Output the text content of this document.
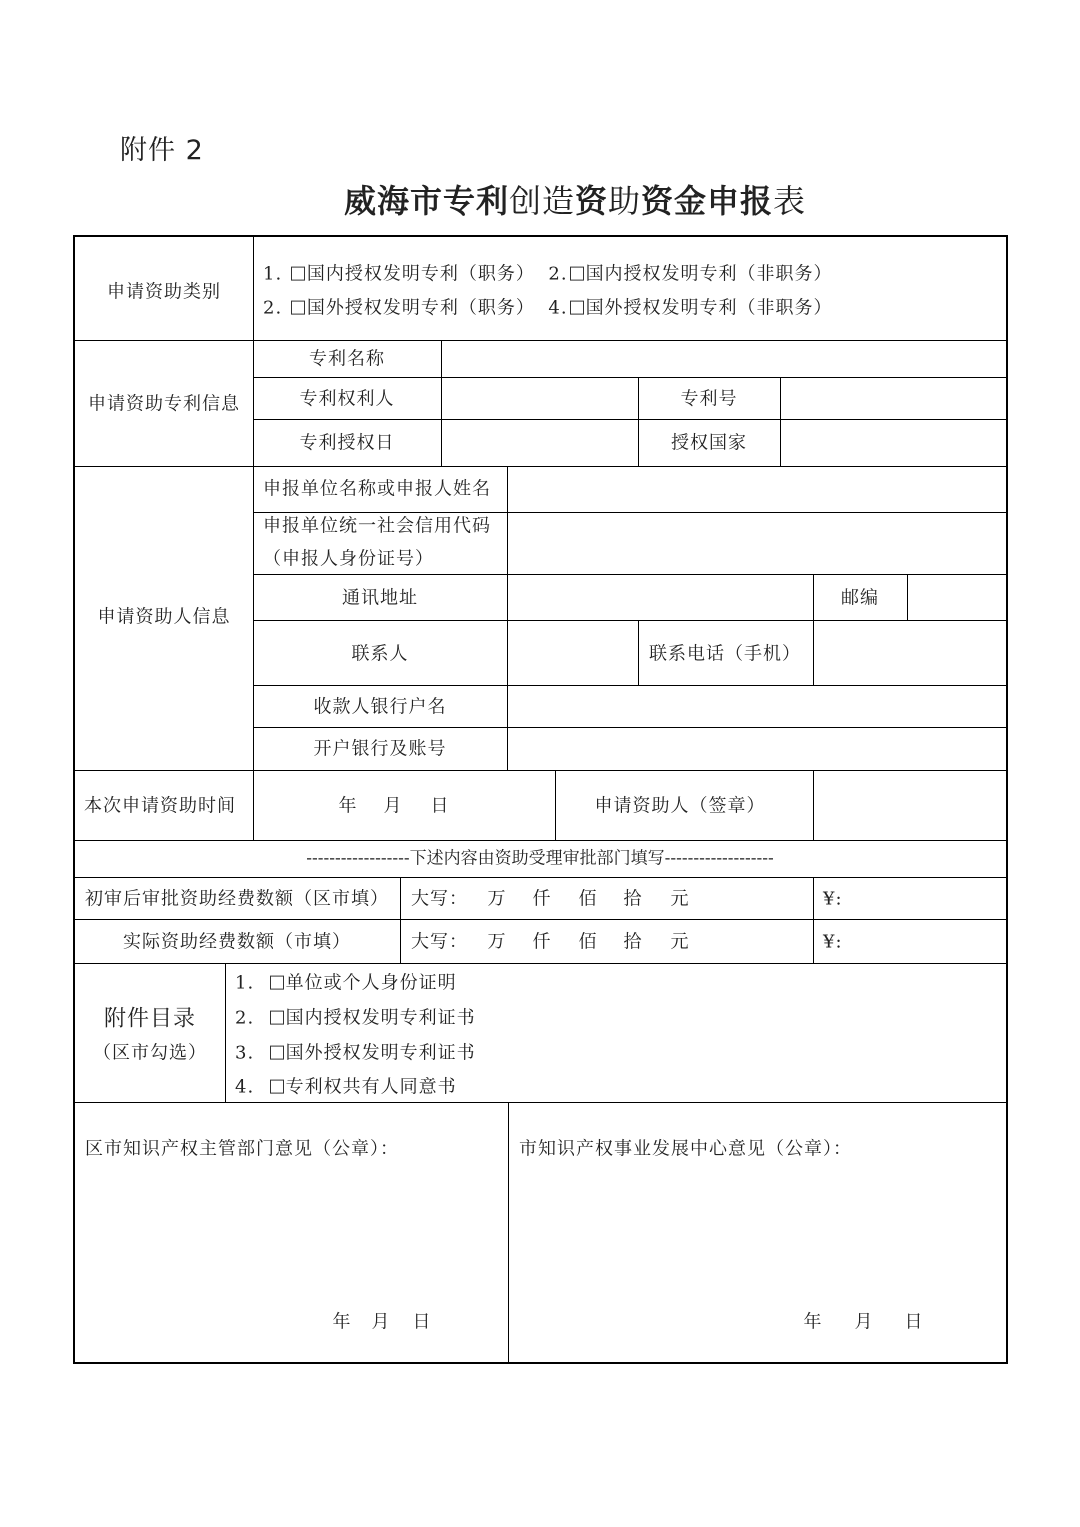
附件 2
威海市专利创造资助资金申报表
申请资助类别
1. 国内授权发明专利（职务） 2. 国内授权发明专利（非职务）
2. 国外授权发明专利（职务） 4. 国外授权发明专利（非职务）
申请资助专利信息
专利名称
专利权利人	专利号
专利授权日	授权国家
申请资助人信息
申报单位名称或申报人姓名
申报单位统一社会信用代码
（申报人身份证号）
通讯地址	邮编
联系人	联系电话（手机）
收款人银行户名
开户银行及账号
本次申请资助时间	年 月 日	申请资助人（签章）
------------------下述内容由资助受理审批部门填写-------------------
初审后审批资助经费数额（区市填） 大写： 万 仟 佰 拾 元	¥:
实际资助经费数额（市填）	大写： 万 仟 佰 拾 元	¥:
附件目录
（区市勾选）
1. 单位或个人身份证明
2. 国内授权发明专利证书
3. 国外授权发明专利证书
4. 专利权共有人同意书
区市知识产权主管部门意见（公章）：
年 月 日
市知识产权事业发展中心意见（公章）：
年 月 日
